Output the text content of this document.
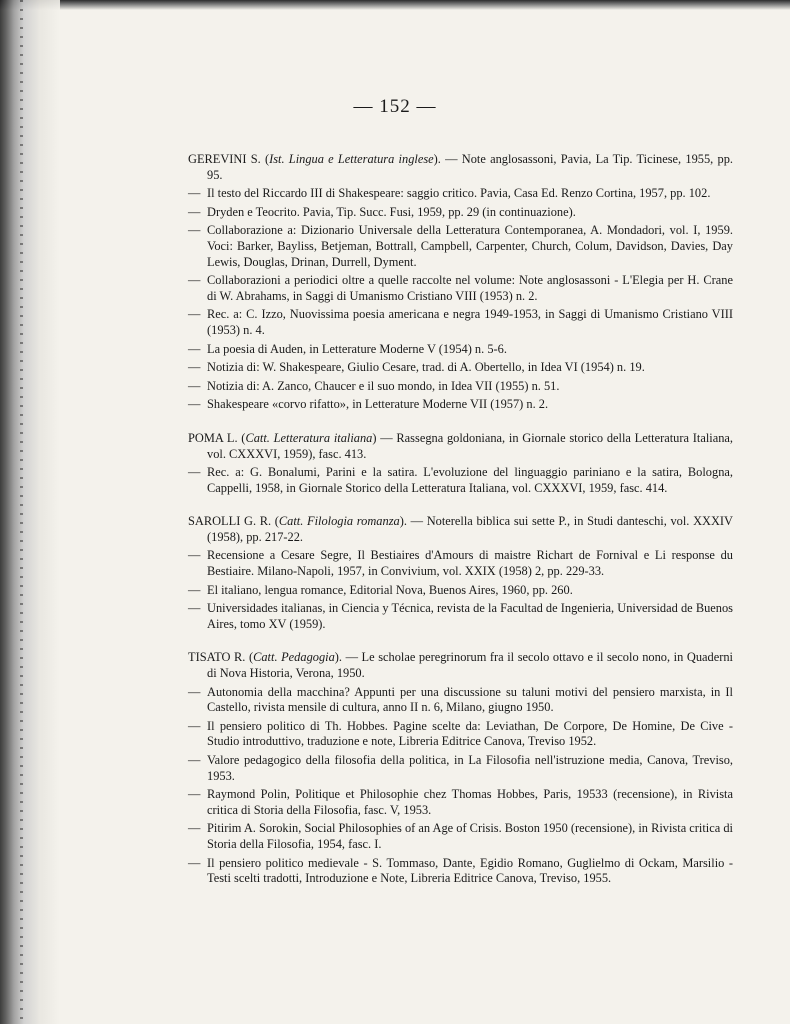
— 152 —

GEREVINI S. (Ist. Lingua e Letteratura inglese). — Note anglosassoni, Pavia, La Tip. Ticinese, 1955, pp. 95.

— Il testo del Riccardo III di Shakespeare: saggio critico. Pavia, Casa Ed. Renzo Cortina, 1957, pp. 102.

— Dryden e Teocrito. Pavia, Tip. Succ. Fusi, 1959, pp. 29 (in continuazione).

— Collaborazione a: Dizionario Universale della Letteratura Contemporanea, A. Mondadori, vol. I, 1959. Voci: Barker, Bayliss, Betjeman, Bottrall, Campbell, Carpenter, Church, Colum, Davidson, Davies, Day Lewis, Douglas, Drinan, Durrell, Dyment.

— Collaborazioni a periodici oltre a quelle raccolte nel volume: Note anglosassoni - L'Elegia per H. Crane di W. Abrahams, in Saggi di Umanismo Cristiano VIII (1953) n. 2.

— Rec. a: C. Izzo, Nuovissima poesia americana e negra 1949-1953, in Saggi di Umanismo Cristiano VIII (1953) n. 4.

— La poesia di Auden, in Letterature Moderne V (1954) n. 5-6.

— Notizia di: W. Shakespeare, Giulio Cesare, trad. di A. Obertello, in Idea VI (1954) n. 19.

— Notizia di: A. Zanco, Chaucer e il suo mondo, in Idea VII (1955) n. 51.

— Shakespeare «corvo rifatto», in Letterature Moderne VII (1957) n. 2.

POMA L. (Catt. Letteratura italiana) — Rassegna goldoniana, in Giornale storico della Letteratura Italiana, vol. CXXXVI, 1959), fasc. 413.

— Rec. a: G. Bonalumi, Parini e la satira. L'evoluzione del linguaggio pariniano e la satira, Bologna, Cappelli, 1958, in Giornale Storico della Letteratura Italiana, vol. CXXXVI, 1959, fasc. 414.

SAROLLI G. R. (Catt. Filologia romanza). — Noterella biblica sui sette P., in Studi danteschi, vol. XXXIV (1958), pp. 217-22.

— Recensione a Cesare Segre, Il Bestiaires d'Amours di maistre Richart de Fornival e Li response du Bestiaire. Milano-Napoli, 1957, in Convivium, vol. XXIX (1958) 2, pp. 229-33.

— El italiano, lengua romance, Editorial Nova, Buenos Aires, 1960, pp. 260.

— Universidades italianas, in Ciencia y Técnica, revista de la Facultad de Ingenieria, Universidad de Buenos Aires, tomo XV (1959).

TISATO R. (Catt. Pedagogia). — Le scholae peregrinorum fra il secolo ottavo e il secolo nono, in Quaderni di Nova Historia, Verona, 1950.

— Autonomia della macchina? Appunti per una discussione su taluni motivi del pensiero marxista, in Il Castello, rivista mensile di cultura, anno II n. 6, Milano, giugno 1950.

— Il pensiero politico di Th. Hobbes. Pagine scelte da: Leviathan, De Corpore, De Homine, De Cive - Studio introduttivo, traduzione e note, Libreria Editrice Canova, Treviso 1952.

— Valore pedagogico della filosofia della politica, in La Filosofia nell'istruzione media, Canova, Treviso, 1953.

— Raymond Polin, Politique et Philosophie chez Thomas Hobbes, Paris, 19533 (recensione), in Rivista critica di Storia della Filosofia, fasc. V, 1953.

— Pitirim A. Sorokin, Social Philosophies of an Age of Crisis. Boston 1950 (recensione), in Rivista critica di Storia della Filosofia, 1954, fasc. I.

— Il pensiero politico medievale - S. Tommaso, Dante, Egidio Romano, Guglielmo di Ockam, Marsilio - Testi scelti tradotti, Introduzione e Note, Libreria Editrice Canova, Treviso, 1955.
